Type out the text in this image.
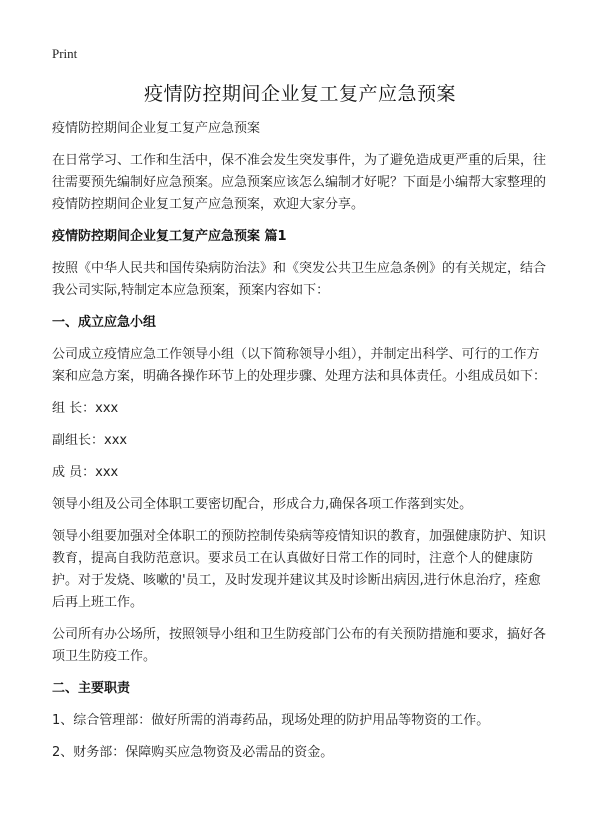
Print
疫情防控期间企业复工复产应急预案

疫情防控期间企业复工复产应急预案

在日常学习、工作和生活中，保不准会发生突发事件，为了避免造成更严重的后果，往往需要预先编制好应急预案。应急预案应该怎么编制才好呢？下面是小编帮大家整理的疫情防控期间企业复工复产应急预案，欢迎大家分享。

疫情防控期间企业复工复产应急预案 篇1

按照《中华人民共和国传染病防治法》和《突发公共卫生应急条例》的有关规定，结合我公司实际,特制定本应急预案，预案内容如下：

一、成立应急小组

公司成立疫情应急工作领导小组（以下简称领导小组），并制定出科学、可行的工作方案和应急方案，明确各操作环节上的处理步骤、处理方法和具体责任。小组成员如下：

组 长：xxx

副组长：xxx

成 员：xxx

领导小组及公司全体职工要密切配合，形成合力,确保各项工作落到实处。

领导小组要加强对全体职工的预防控制传染病等疫情知识的教育，加强健康防护、知识教育，提高自我防范意识。要求员工在认真做好日常工作的同时，注意个人的健康防护。对于发烧、咳嗽的'员工，及时发现并建议其及时诊断出病因,进行休息治疗，痊愈后再上班工作。

公司所有办公场所，按照领导小组和卫生防疫部门公布的有关预防措施和要求，搞好各项卫生防疫工作。

二、主要职责

1、综合管理部：做好所需的消毒药品，现场处理的防护用品等物资的工作。

2、财务部：保障购买应急物资及必需品的资金。
